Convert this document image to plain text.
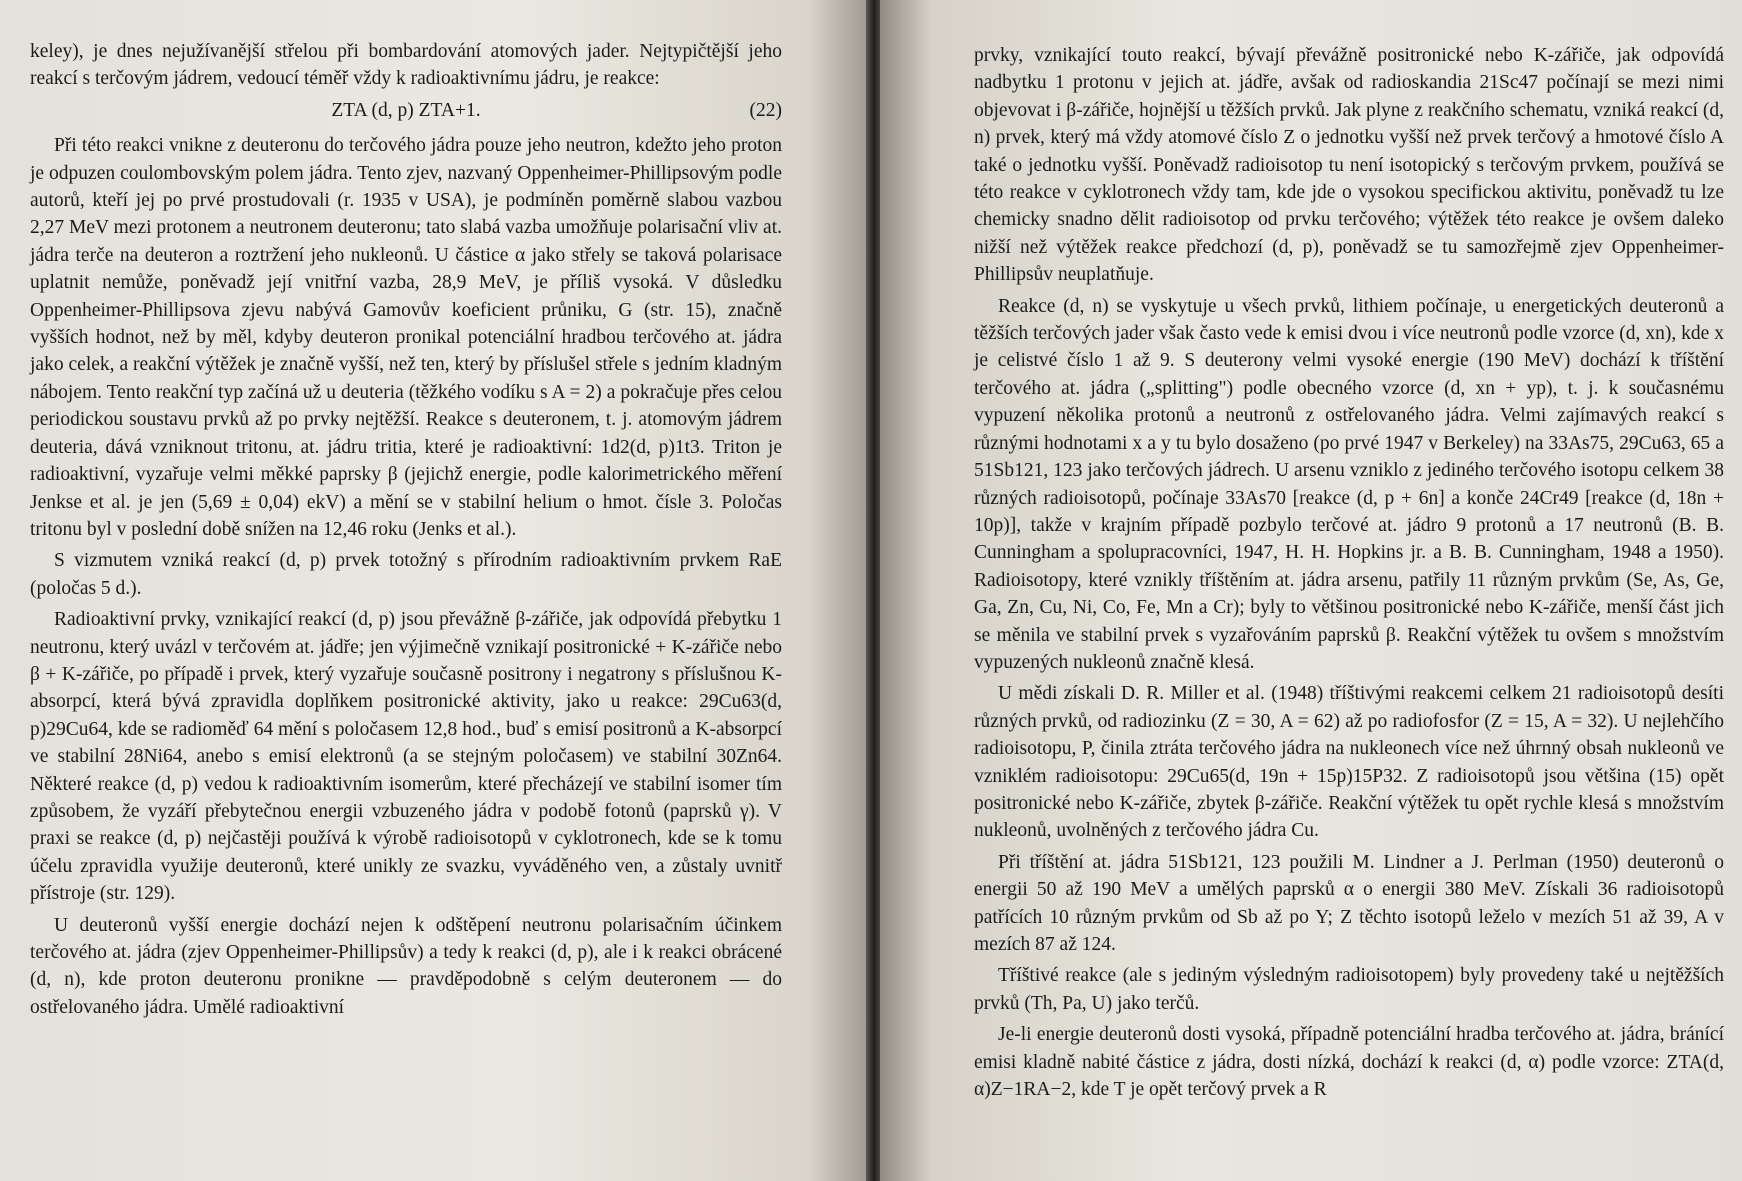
keley), je dnes nejužívanější střelou při bombardování atomových jader. Nejtypičtější jeho reakcí s terčovým jádrem, vedoucí téměř vždy k radioaktivnímu jádru, je reakce:

ZTA (d, p) ZTA+1.	(22)

Při této reakci vnikne z deuteronu do terčového jádra pouze jeho neutron, kdežto jeho proton je odpuzen coulombovským polem jádra. Tento zjev, nazvaný Oppenheimer-Phillipsovým podle autorů, kteří jej po prvé prostudovali (r. 1935 v USA), je podmíněn poměrně slabou vazbou 2,27 MeV mezi protonem a neutronem deuteronu; tato slabá vazba umožňuje polarisační vliv at. jádra terče na deuteron a roztržení jeho nukleonů. U částice α jako střely se taková polarisace uplatnit nemůže, poněvadž její vnitřní vazba, 28,9 MeV, je příliš vysoká. V důsledku Oppenheimer-Phillipsova zjevu nabývá Gamovův koeficient průniku, G (str. 15), značně vyšších hodnot, než by měl, kdyby deuteron pronikal potenciální hradbou terčového at. jádra jako celek, a reakční výtěžek je značně vyšší, než ten, který by příslušel střele s jedním kladným nábojem. Tento reakční typ začíná už u deuteria (těžkého vodíku s A = 2) a pokračuje přes celou periodickou soustavu prvků až po prvky nejtěžší. Reakce s deuteronem, t. j. atomovým jádrem deuteria, dává vzniknout tritonu, at. jádru tritia, které je radioaktivní: 1d2(d, p)1t3. Triton je radioaktivní, vyzařuje velmi měkké paprsky β (jejichž energie, podle kalorimetrického měření Jenkse et al. je jen (5,69 ± 0,04) ekV) a mění se v stabilní helium o hmot. čísle 3. Poločas tritonu byl v poslední době snížen na 12,46 roku (Jenks et al.).

S vizmutem vzniká reakcí (d, p) prvek totožný s přírodním radioaktivním prvkem RaE (poločas 5 d.).

Radioaktivní prvky, vznikající reakcí (d, p) jsou převážně β-zářiče, jak odpovídá přebytku 1 neutronu, který uvázl v terčovém at. jádře; jen výjimečně vznikají positronické + K-zářiče nebo β + K-zářiče, po případě i prvek, který vyzařuje současně positrony i negatrony s příslušnou K-absorpcí, která bývá zpravidla doplňkem positronické aktivity, jako u reakce: 29Cu63(d, p)29Cu64, kde se radioměď 64 mění s poločasem 12,8 hod., buď s emisí positronů a K-absorpcí ve stabilní 28Ni64, anebo s emisí elektronů (a se stejným poločasem) ve stabilní 30Zn64. Některé reakce (d, p) vedou k radioaktivním isomerům, které přecházejí ve stabilní isomer tím způsobem, že vyzáří přebytečnou energii vzbuzeného jádra v podobě fotonů (paprsků γ). V praxi se reakce (d, p) nejčastěji používá k výrobě radioisotopů v cyklotronech, kde se k tomu účelu zpravidla využije deuteronů, které unikly ze svazku, vyváděného ven, a zůstaly uvnitř přístroje (str. 129).

U deuteronů vyšší energie dochází nejen k odštěpení neutronu polarisačním účinkem terčového at. jádra (zjev Oppenheimer-Phillipsův) a tedy k reakci (d, p), ale i k reakci obrácené (d, n), kde proton deuteronu pronikne — pravděpodobně s celým deuteronem — do ostřelovaného jádra. Umělé radioaktivní

prvky, vznikající touto reakcí, bývají převážně positronické nebo K-zářiče, jak odpovídá nadbytku 1 protonu v jejich at. jádře, avšak od radioskandia 21Sc47 počínají se mezi nimi objevovat i β-zářiče, hojnější u těžších prvků. Jak plyne z reakčního schematu, vzniká reakcí (d, n) prvek, který má vždy atomové číslo Z o jednotku vyšší než prvek terčový a hmotové číslo A také o jednotku vyšší. Poněvadž radioisotop tu není isotopický s terčovým prvkem, používá se této reakce v cyklotronech vždy tam, kde jde o vysokou specifickou aktivitu, poněvadž tu lze chemicky snadno dělit radioisotop od prvku terčového; výtěžek této reakce je ovšem daleko nižší než výtěžek reakce předchozí (d, p), poněvadž se tu samozřejmě zjev Oppenheimer-Phillipsův neuplatňuje.

Reakce (d, n) se vyskytuje u všech prvků, lithiem počínaje, u energetických deuteronů a těžších terčových jader však často vede k emisi dvou i více neutronů podle vzorce (d, xn), kde x je celistvé číslo 1 až 9. S deuterony velmi vysoké energie (190 MeV) dochází k tříštění terčového at. jádra („splitting") podle obecného vzorce (d, xn + yp), t. j. k současnému vypuzení několika protonů a neutronů z ostřelovaného jádra. Velmi zajímavých reakcí s různými hodnotami x a y tu bylo dosaženo (po prvé 1947 v Berkeley) na 33As75, 29Cu63, 65 a 51Sb121, 123 jako terčových jádrech. U arsenu vzniklo z jediného terčového isotopu celkem 38 různých radioisotopů, počínaje 33As70 [reakce (d, p + 6n] a konče 24Cr49 [reakce (d, 18n + 10p)], takže v krajním případě pozbylo terčové at. jádro 9 protonů a 17 neutronů (B. B. Cunningham a spolupracovníci, 1947, H. H. Hopkins jr. a B. B. Cunningham, 1948 a 1950). Radioisotopy, které vznikly tříštěním at. jádra arsenu, patřily 11 různým prvkům (Se, As, Ge, Ga, Zn, Cu, Ni, Co, Fe, Mn a Cr); byly to většinou positronické nebo K-zářiče, menší část jich se měnila ve stabilní prvek s vyzařováním paprsků β. Reakční výtěžek tu ovšem s množstvím vypuzených nukleonů značně klesá.

U mědi získali D. R. Miller et al. (1948) tříštivými reakcemi celkem 21 radioisotopů desíti různých prvků, od radiozinku (Z = 30, A = 62) až po radiofosfor (Z = 15, A = 32). U nejlehčího radioisotopu, P, činila ztráta terčového jádra na nukleonech více než úhrnný obsah nukleonů ve vzniklém radioisotopu: 29Cu65(d, 19n + 15p)15P32. Z radioisotopů jsou většina (15) opět positronické nebo K-zářiče, zbytek β-zářiče. Reakční výtěžek tu opět rychle klesá s množstvím nukleonů, uvolněných z terčového jádra Cu.

Při tříštění at. jádra 51Sb121, 123 použili M. Lindner a J. Perlman (1950) deuteronů o energii 50 až 190 MeV a umělých paprsků α o energii 380 MeV. Získali 36 radioisotopů patřících 10 různým prvkům od Sb až po Y; Z těchto isotopů leželo v mezích 51 až 39, A v mezích 87 až 124.

Tříštivé reakce (ale s jediným výsledným radioisotopem) byly provedeny také u nejtěžších prvků (Th, Pa, U) jako terčů.

Je-li energie deuteronů dosti vysoká, případně potenciální hradba terčového at. jádra, bránící emisi kladně nabité částice z jádra, dosti nízká, dochází k reakci (d, α) podle vzorce: ZTA(d, α)Z−1RA−2, kde T je opět terčový prvek a R
